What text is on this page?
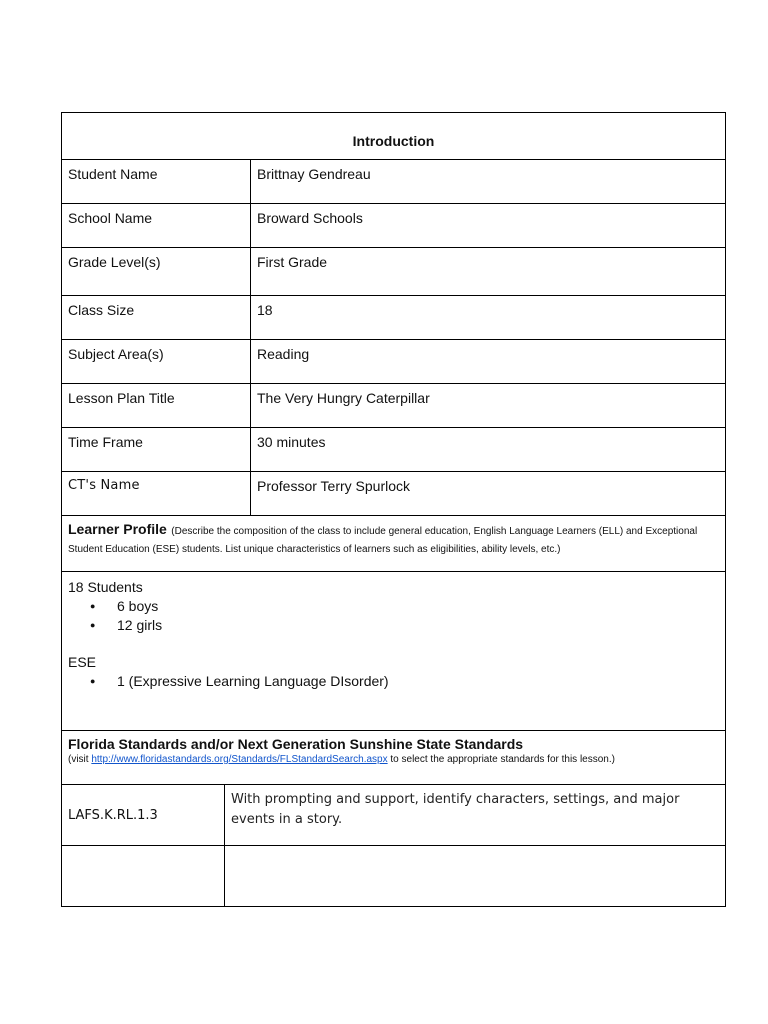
Introduction
Student Name	Brittnay Gendreau
School Name	Broward Schools
Grade Level(s)	First Grade
Class Size	18
Subject Area(s)	Reading
Lesson Plan Title	The Very Hungry Caterpillar
Time Frame	30 minutes
CT's Name	Professor Terry Spurlock
Learner Profile (Describe the composition of the class to include general education, English Language Learners (ELL) and Exceptional Student Education (ESE) students. List unique characteristics of learners such as eligibilities, ability levels, etc.)
18 Students
● 6 boys
● 12 girls
ESE
● 1 (Expressive Learning Language DIsorder)
Florida Standards and/or Next Generation Sunshine State Standards
(visit http://www.floridastandards.org/Standards/FLStandardSearch.aspx to select the appropriate standards for this lesson.)
LAFS.K.RL.1.3
With prompting and support, identify characters, settings, and major events in a story.
